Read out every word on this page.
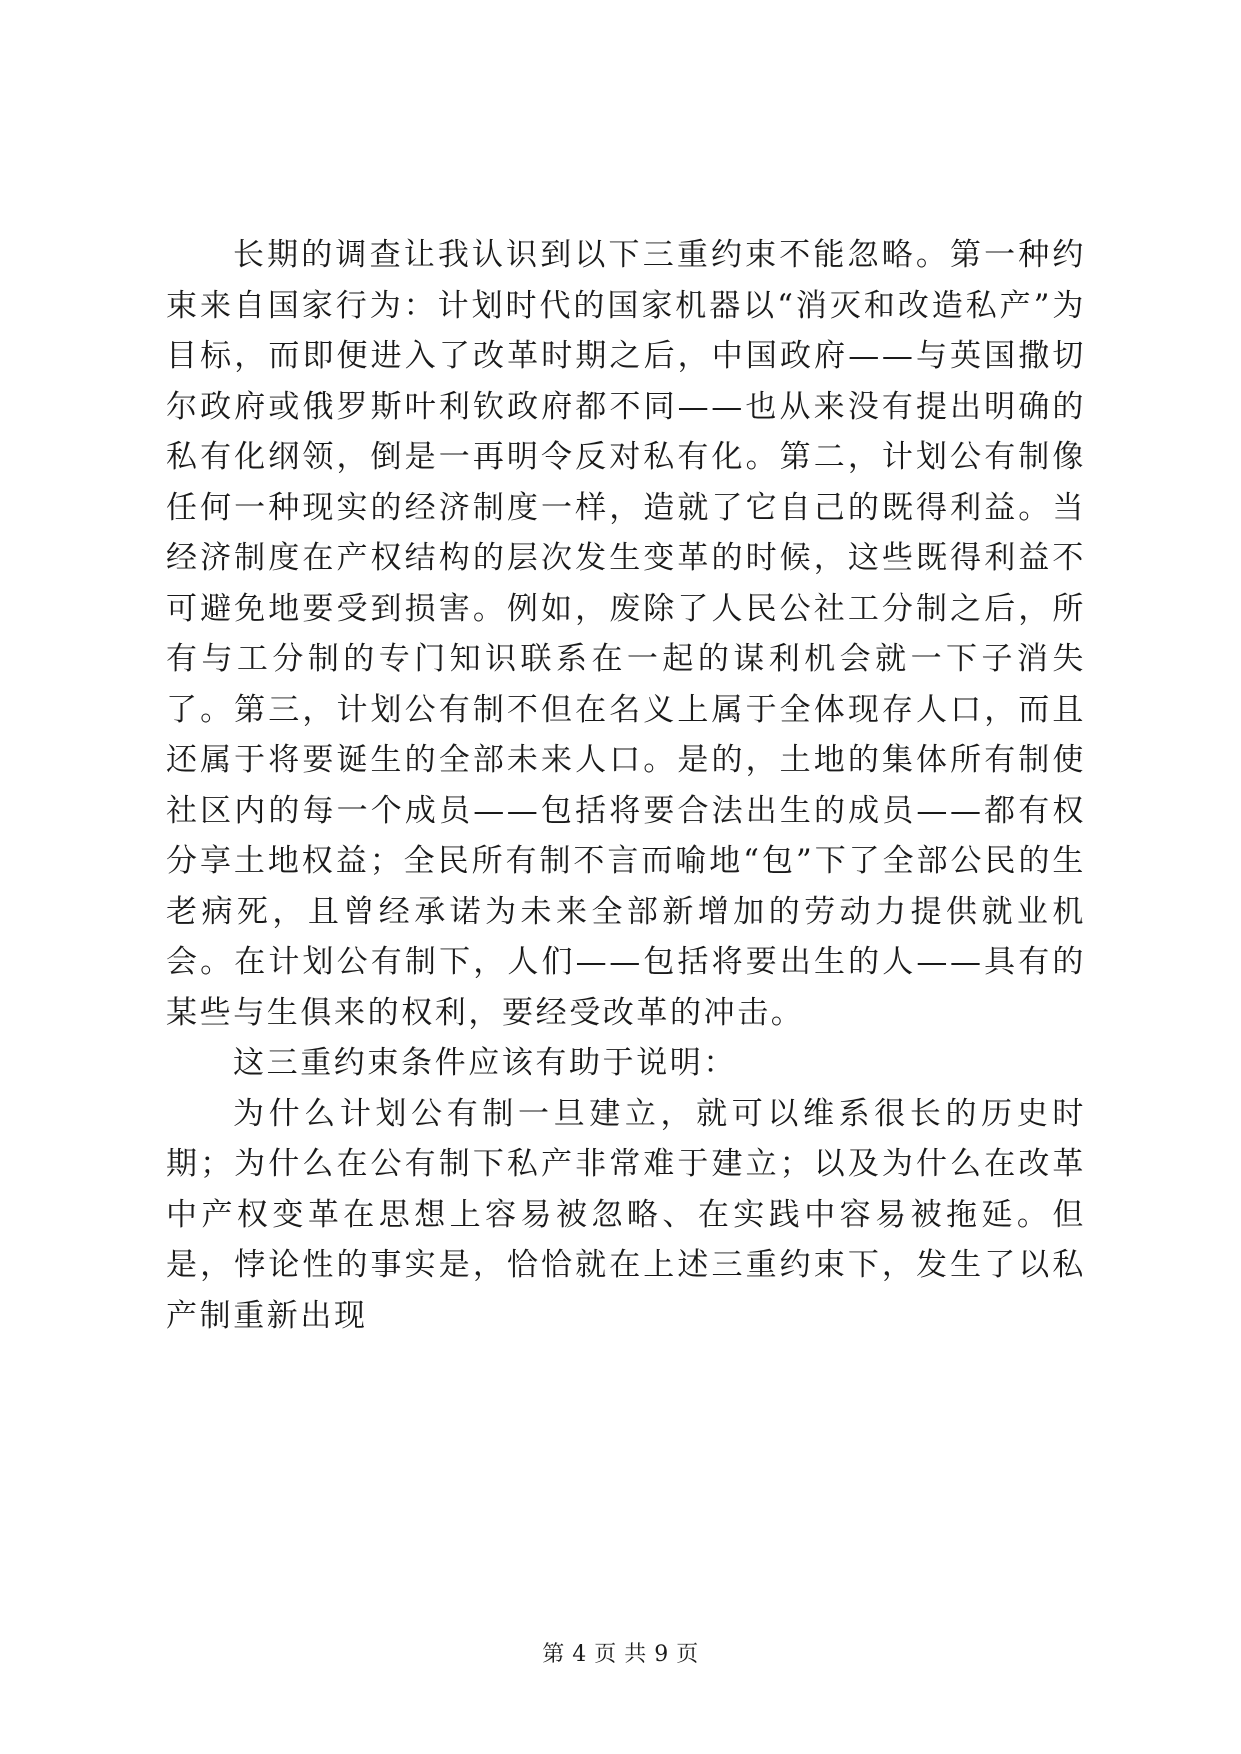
长期的调查让我认识到以下三重约束不能忽略。第一种约束来自国家行为：计划时代的国家机器以“消灭和改造私产”为目标，而即便进入了改革时期之后，中国政府——与英国撒切尔政府或俄罗斯叶利钦政府都不同——也从来没有提出明确的私有化纲领，倒是一再明令反对私有化。第二，计划公有制像任何一种现实的经济制度一样，造就了它自己的既得利益。当经济制度在产权结构的层次发生变革的时候，这些既得利益不可避免地要受到损害。例如，废除了人民公社工分制之后，所有与工分制的专门知识联系在一起的谋利机会就一下子消失了。第三，计划公有制不但在名义上属于全体现存人口，而且还属于将要诞生的全部未来人口。是的，土地的集体所有制使社区内的每一个成员——包括将要合法出生的成员——都有权分享土地权益；全民所有制不言而喻地“包”下了全部公民的生老病死，且曾经承诺为未来全部新增加的劳动力提供就业机会。在计划公有制下，人们——包括将要出生的人——具有的某些与生俱来的权利，要经受改革的冲击。

这三重约束条件应该有助于说明：

为什么计划公有制一旦建立，就可以维系很长的历史时期；为什么在公有制下私产非常难于建立；以及为什么在改革中产权变革在思想上容易被忽略、在实践中容易被拖延。但是，悖论性的事实是，恰恰就在上述三重约束下，发生了以私产制重新出现

第 4 页 共 9 页
